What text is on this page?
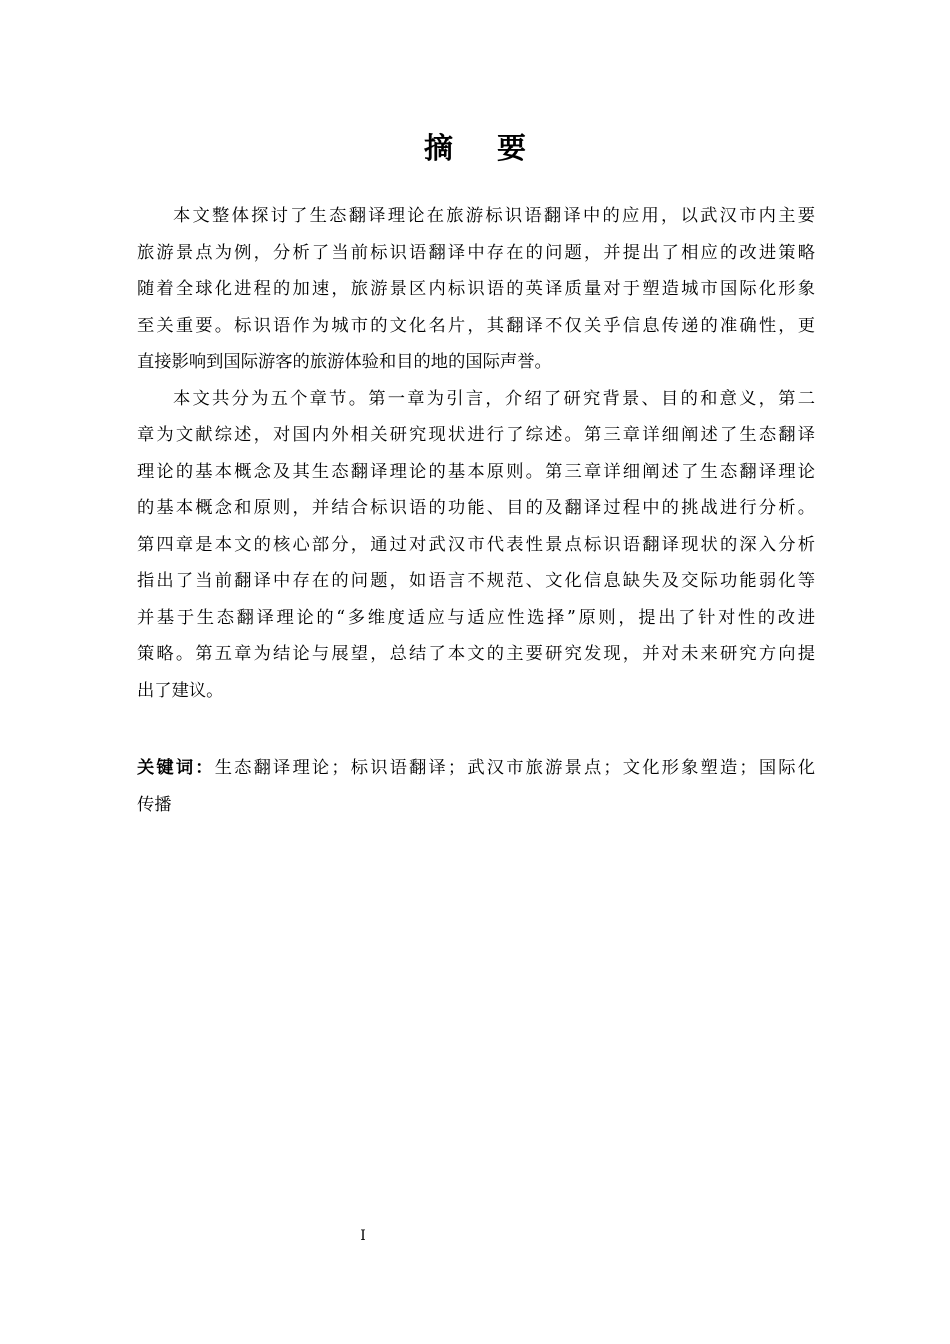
摘要

本文整体探讨了生态翻译理论在旅游标识语翻译中的应用，以武汉市内主要
旅游景点为例，分析了当前标识语翻译中存在的问题，并提出了相应的改进策略
随着全球化进程的加速，旅游景区内标识语的英译质量对于塑造城市国际化形象
至关重要。标识语作为城市的文化名片，其翻译不仅关乎信息传递的准确性，更
直接影响到国际游客的旅游体验和目的地的国际声誉。

本文共分为五个章节。第一章为引言，介绍了研究背景、目的和意义，第二
章为文献综述，对国内外相关研究现状进行了综述。第三章详细阐述了生态翻译
理论的基本概念及其生态翻译理论的基本原则。第三章详细阐述了生态翻译理论
的基本概念和原则，并结合标识语的功能、目的及翻译过程中的挑战进行分析。
第四章是本文的核心部分，通过对武汉市代表性景点标识语翻译现状的深入分析
指出了当前翻译中存在的问题，如语言不规范、文化信息缺失及交际功能弱化等
并基于生态翻译理论的“多维度适应与适应性选择”原则，提出了针对性的改进
策略。第五章为结论与展望，总结了本文的主要研究发现，并对未来研究方向提
出了建议。

关键词：生态翻译理论；标识语翻译；武汉市旅游景点；文化形象塑造；国际化
传播
I
